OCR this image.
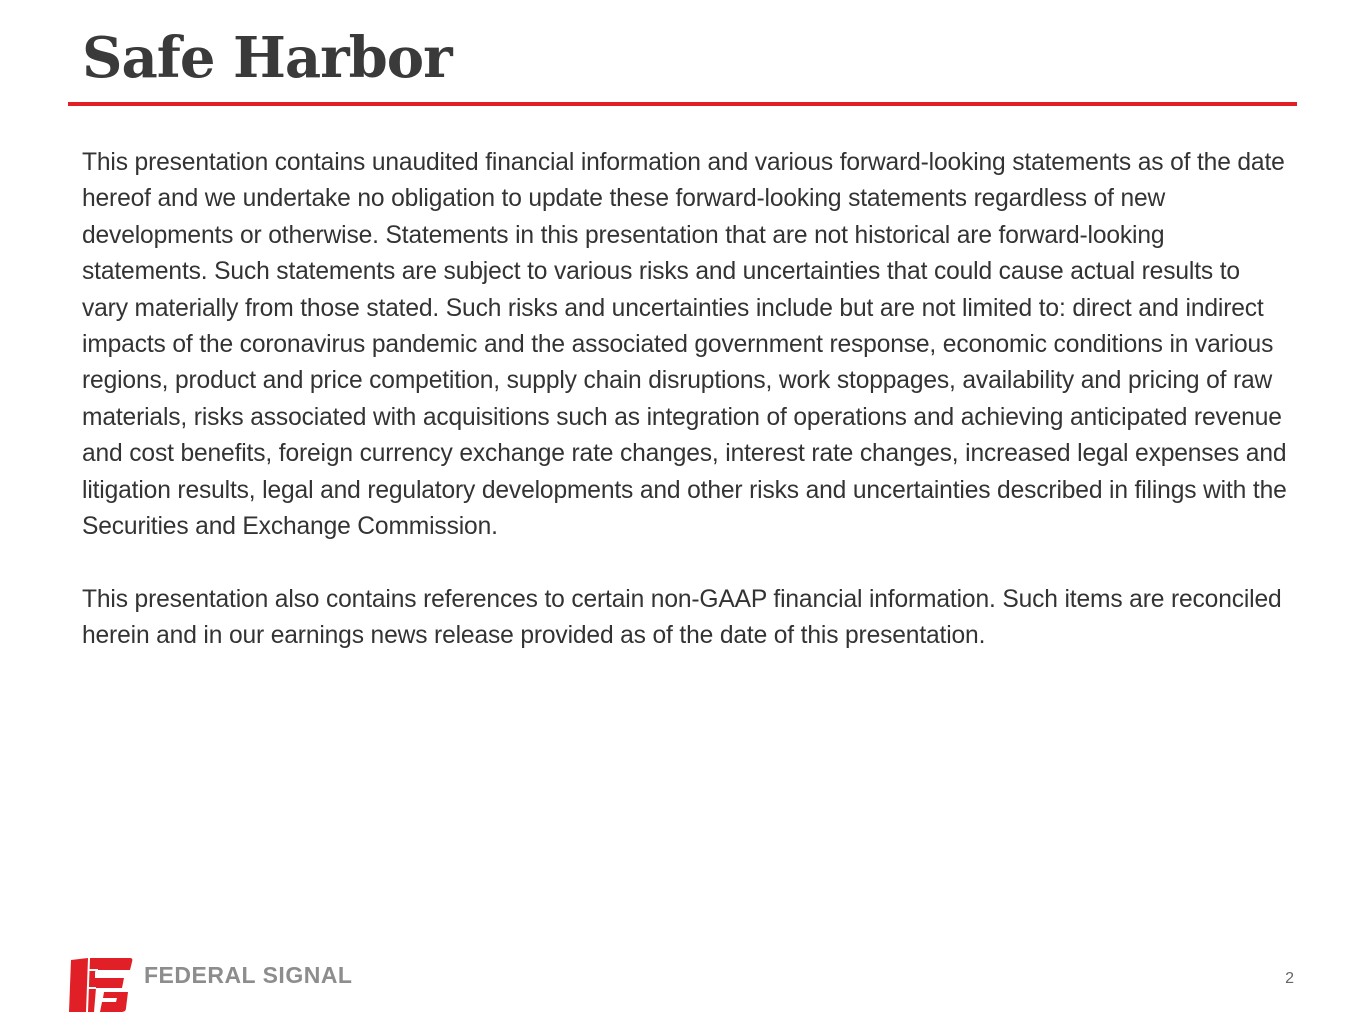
Safe Harbor

This presentation contains unaudited financial information and various forward-looking statements as of the date hereof and we undertake no obligation to update these forward-looking statements regardless of new developments or otherwise. Statements in this presentation that are not historical are forward-looking statements. Such statements are subject to various risks and uncertainties that could cause actual results to vary materially from those stated. Such risks and uncertainties include but are not limited to: direct and indirect impacts of the coronavirus pandemic and the associated government response, economic conditions in various regions, product and price competition, supply chain disruptions, work stoppages, availability and pricing of raw materials, risks associated with acquisitions such as integration of operations and achieving anticipated revenue and cost benefits, foreign currency exchange rate changes, interest rate changes, increased legal expenses and litigation results, legal and regulatory developments and other risks and uncertainties described in filings with the Securities and Exchange Commission.

This presentation also contains references to certain non-GAAP financial information. Such items are reconciled herein and in our earnings news release provided as of the date of this presentation.

FEDERAL SIGNAL	2
